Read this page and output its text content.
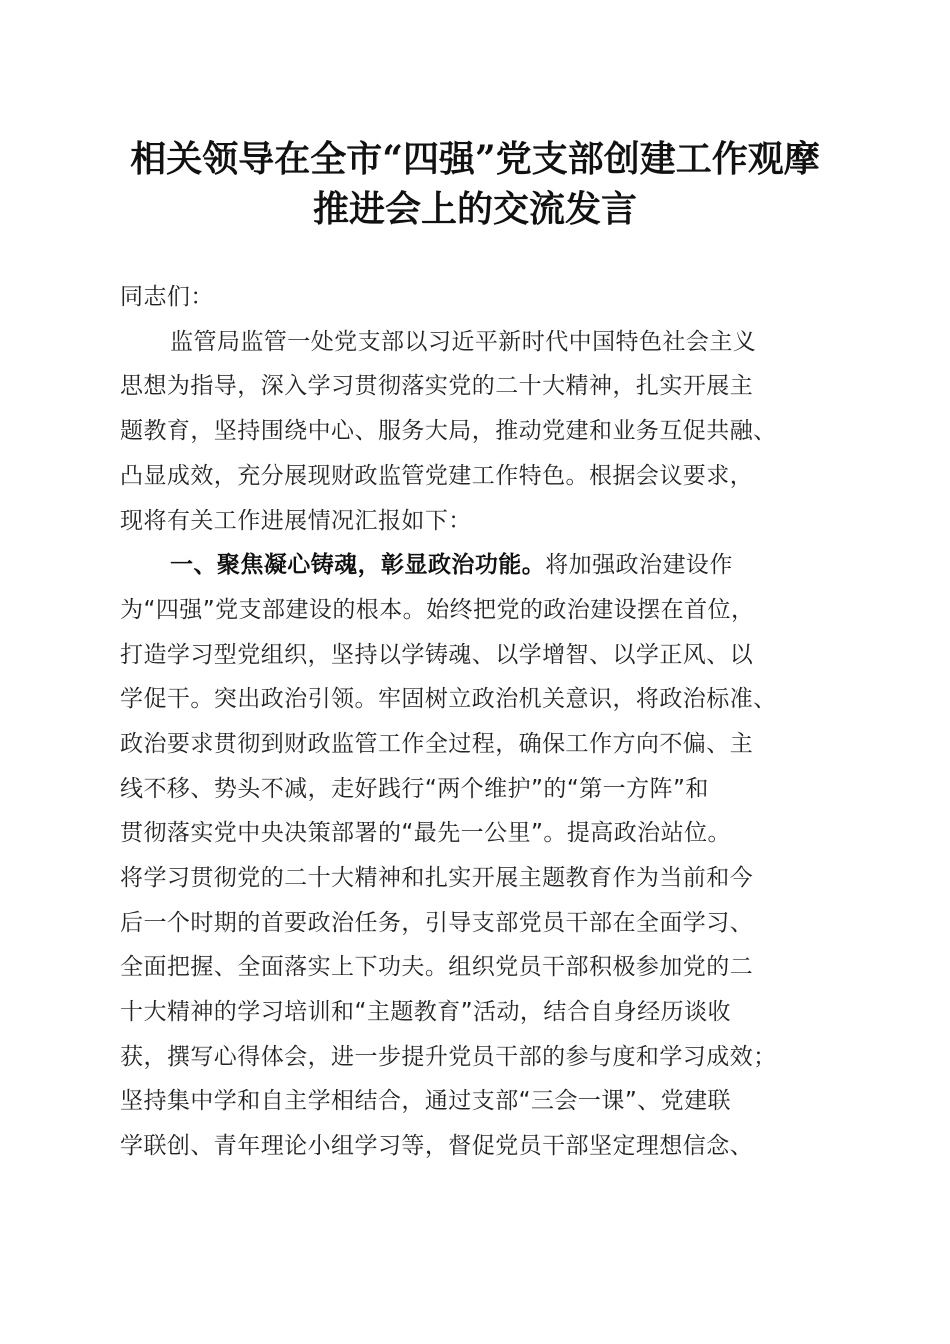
相关领导在全市“四强”党支部创建工作观摩
推进会上的交流发言
同志们：
监管局监管一处党支部以习近平新时代中国特色社会主义
思想为指导，深入学习贯彻落实党的二十大精神，扎实开展主
题教育，坚持围绕中心、服务大局，推动党建和业务互促共融、
凸显成效，充分展现财政监管党建工作特色。根据会议要求，
现将有关工作进展情况汇报如下：
一、聚焦凝心铸魂，彰显政治功能。将加强政治建设作
为“四强”党支部建设的根本。始终把党的政治建设摆在首位，
打造学习型党组织，坚持以学铸魂、以学增智、以学正风、以
学促干。突出政治引领。牢固树立政治机关意识，将政治标准、
政治要求贯彻到财政监管工作全过程，确保工作方向不偏、主
线不移、势头不减，走好践行“两个维护”的“第一方阵”和
贯彻落实党中央决策部署的“最先一公里”。提高政治站位。
将学习贯彻党的二十大精神和扎实开展主题教育作为当前和今
后一个时期的首要政治任务，引导支部党员干部在全面学习、
全面把握、全面落实上下功夫。组织党员干部积极参加党的二
十大精神的学习培训和“主题教育”活动，结合自身经历谈收
获，撰写心得体会，进一步提升党员干部的参与度和学习成效；
坚持集中学和自主学相结合，通过支部“三会一课”、党建联
学联创、青年理论小组学习等，督促党员干部坚定理想信念、
